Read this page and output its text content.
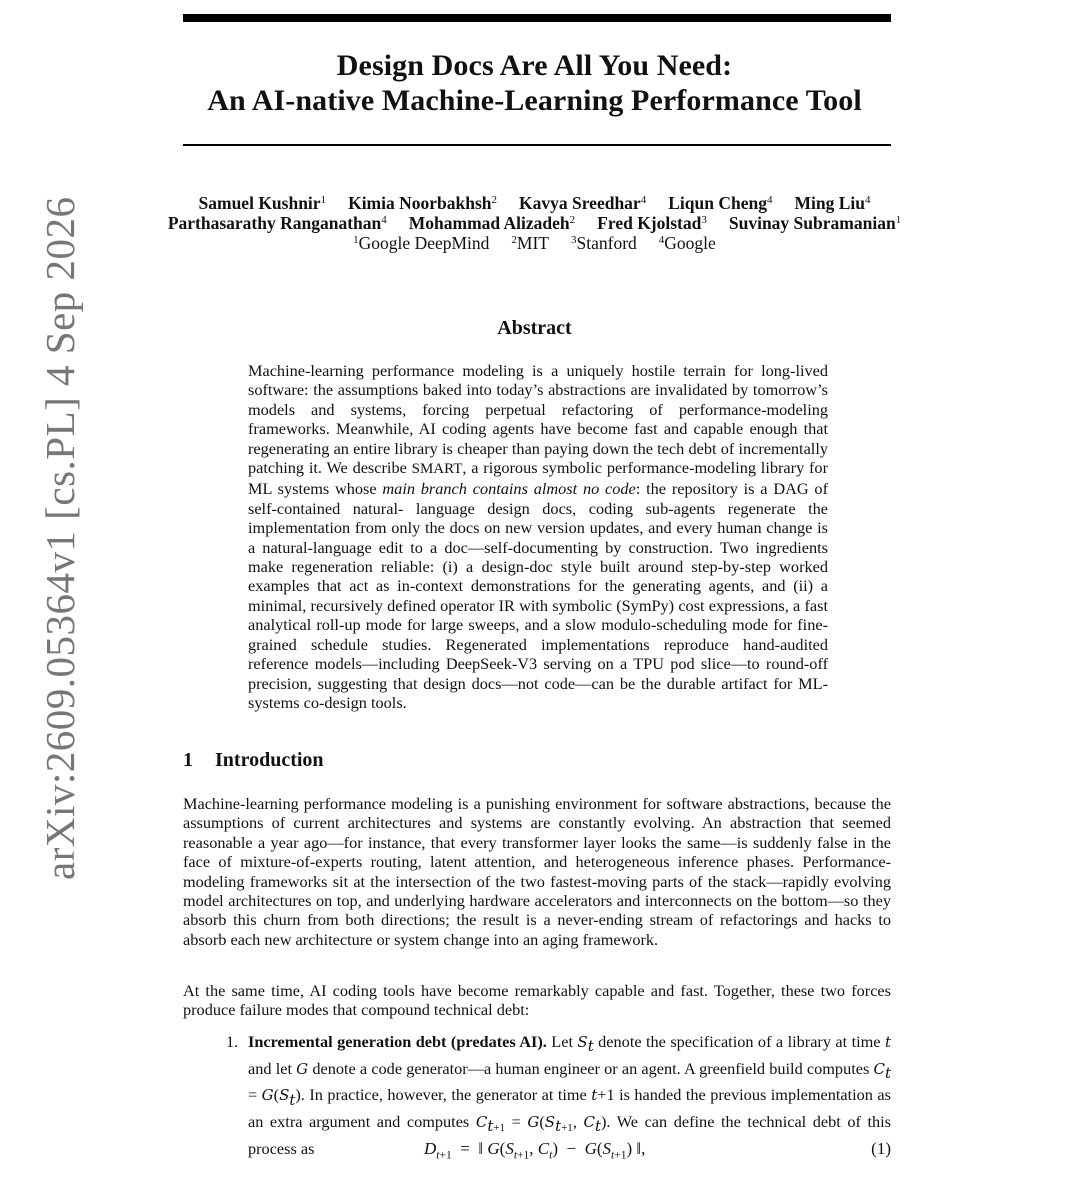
Design Docs Are All You Need:
An AI-native Machine-Learning Performance Tool
Samuel Kushnir$^1$ Kimia Noorbakhsh$^2$ Kavya Sreedhar$^4$ Liqun Cheng$^4$ Ming Liu$^4$
Parthasarathy Ranganathan$^4$ Mohammad Alizadeh$^2$ Fred Kjolstad$^3$ Suvinay Subramanian$^1$
$^1$Google DeepMind $^2$MIT $^3$Stanford $^4$Google
arXiv:2609.05364v1 [cs.PL] 4 Sep 2026	Abstract
Machine-learning performance modeling is a uniquely hostile terrain for long-lived software: the assumptions baked into today’s abstractions are invalidated by tomorrow’s models and systems, forcing perpetual refactoring of performance-modeling frameworks. Meanwhile, AI coding agents have become fast and capable enough that regenerating an entire library is cheaper than paying down the tech debt of incrementally patching it. We describe SMART, a rigorous symbolic performance-modeling library for ML systems whose main branch contains almost no code: the repository is a DAG of self-contained natural- language design docs, coding sub-agents regenerate the implementation from only the docs on new version updates, and every human change is a natural-language edit to a doc—self-documenting by construction. Two ingredients make regeneration reliable: (i) a design-doc style built around step-by-step worked examples that act as in-context demonstrations for the generating agents, and (ii) a minimal, recursively defined operator IR with symbolic (SymPy) cost expressions, a fast analytical roll-up mode for large sweeps, and a slow modulo-scheduling mode for fine-grained schedule studies. Regenerated implementations reproduce hand-audited reference models—including DeepSeek-V3 serving on a TPU pod slice—to round-off precision, suggesting that design docs—not code—can be the durable artifact for ML-systems co-design tools.
1 Introduction
Machine-learning performance modeling is a punishing environment for software abstractions, because the assumptions of current architectures and systems are constantly evolving. An abstraction that seemed reasonable a year ago—for instance, that every transformer layer looks the same—is suddenly false in the face of mixture-of-experts routing, latent attention, and heterogeneous inference phases. Performance-modeling frameworks sit at the intersection of the two fastest-moving parts of the stack—rapidly evolving model architectures on top, and underlying hardware accelerators and interconnects on the bottom—so they absorb this churn from both directions; the result is a never-ending stream of refactorings and hacks to absorb each new architecture or system change into an aging framework.
At the same time, AI coding tools have become remarkably capable and fast. Together, these two forces produce failure modes that compound technical debt:
1. Incremental generation debt (predates AI). Let $S_t$ denote the specification of a library at time t and let G denote a code generator—a human engineer or an agent. A greenfield build computes $C_t = G(S_t)$. In practice, however, the generator at time t+1 is handed the previous implementation as an extra argument and computes $C_{t+1} = G(S_{t+1}$, $C_t$). We can define the technical debt of this process as	$D_{t+1}$  =  ‖ $G(S_{t+1}$, $C_t) - G(S_{t+1})$ ‖,	(1)
